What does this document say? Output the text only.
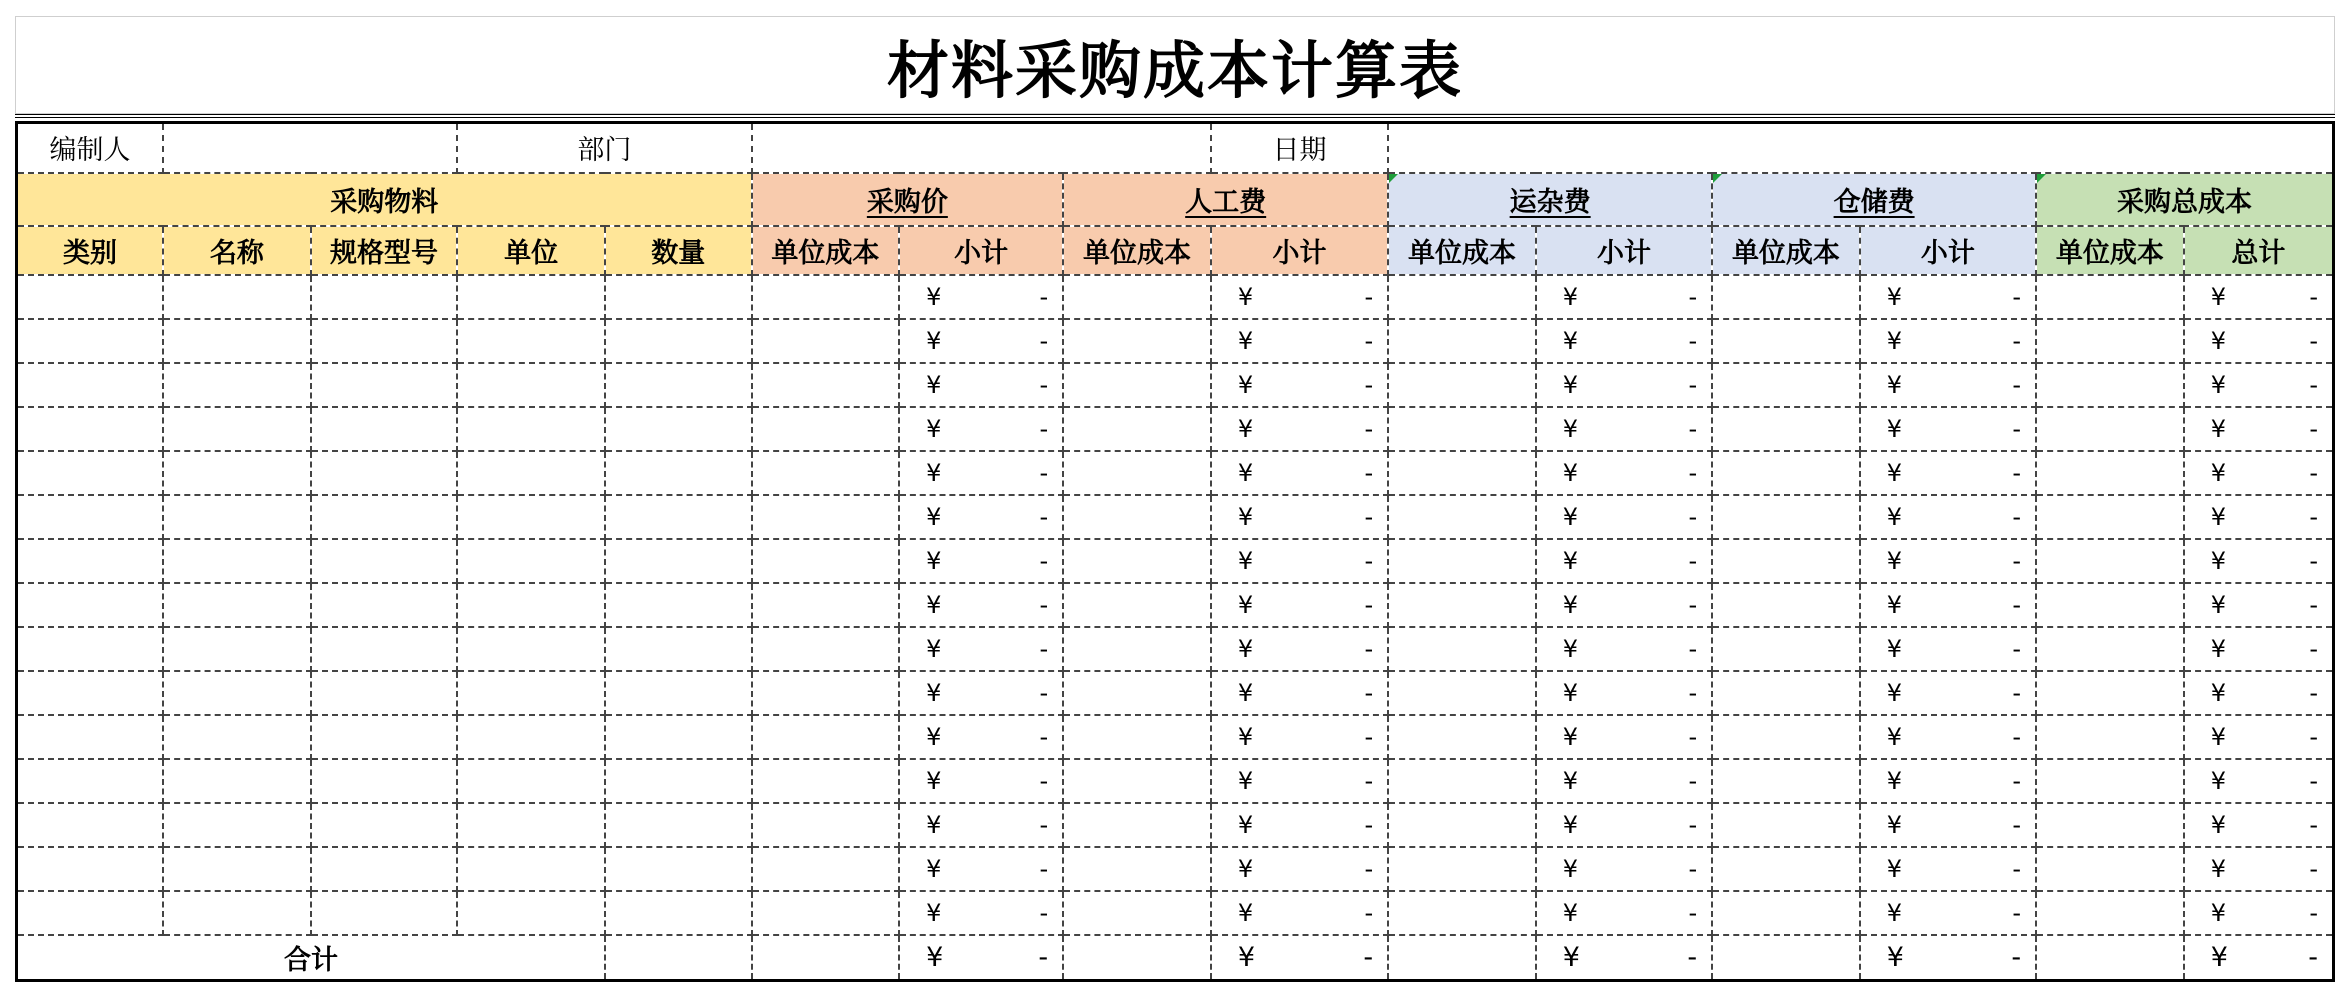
材料采购成本计算表
编制人			部门					日期						
采购物料					采购价		人工费		运杂费		仓储费		采购总成本	
类别	名称	规格型号	单位	数量	单位成本	小计	单位成本	小计	单位成本	小计	单位成本	小计	单位成本	总计

						¥ -		¥ -		¥ -		¥ -		¥ -

						¥ -		¥ -		¥ -		¥ -		¥ -

						¥ -		¥ -		¥ -		¥ -		¥ -

						¥ -		¥ -		¥ -		¥ -		¥ -

						¥ -		¥ -		¥ -		¥ -		¥ -

						¥ -		¥ -		¥ -		¥ -		¥ -

						¥ -		¥ -		¥ -		¥ -		¥ -

						¥ -		¥ -		¥ -		¥ -		¥ -

						¥ -		¥ -		¥ -		¥ -		¥ -

						¥ -		¥ -		¥ -		¥ -		¥ -

						¥ -		¥ -		¥ -		¥ -		¥ -

						¥ -		¥ -		¥ -		¥ -		¥ -

						¥ -		¥ -		¥ -		¥ -		¥ -

						¥ -		¥ -		¥ -		¥ -		¥ -

						¥ -		¥ -		¥ -		¥ -		¥ -

合计						¥ -		¥ -		¥ -		¥ -		¥ -
